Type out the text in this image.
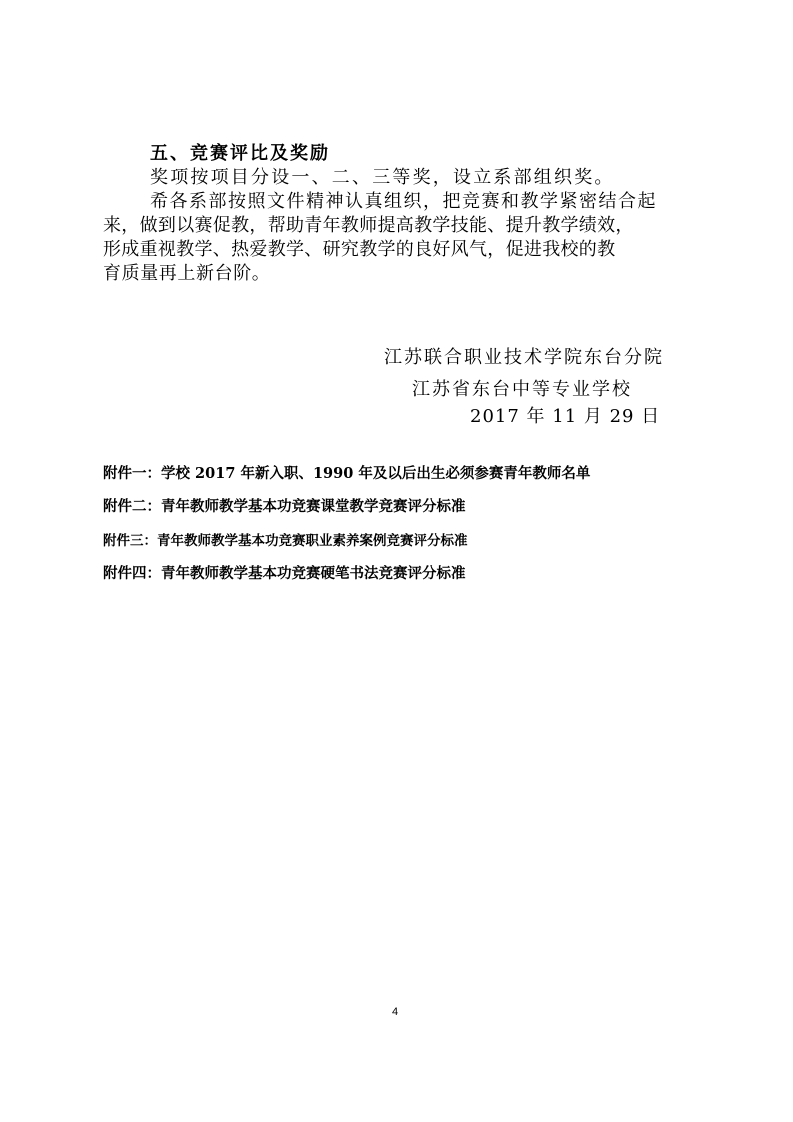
五、竞赛评比及奖励
奖项按项目分设一、二、三等奖，设立系部组织奖。
希各系部按照文件精神认真组织，把竞赛和教学紧密结合起
来，做到以赛促教，帮助青年教师提高教学技能、提升教学绩效，
形成重视教学、热爱教学、研究教学的良好风气，促进我校的教
育质量再上新台阶。
江苏联合职业技术学院东台分院
江苏省东台中等专业学校
2017 年 11 月 29 日
附件一：学校 2017 年新入职、1990 年及以后出生必须参赛青年教师名单
附件二：青年教师教学基本功竞赛课堂教学竞赛评分标准
附件三：青年教师教学基本功竞赛职业素养案例竞赛评分标准
附件四：青年教师教学基本功竞赛硬笔书法竞赛评分标准
4
